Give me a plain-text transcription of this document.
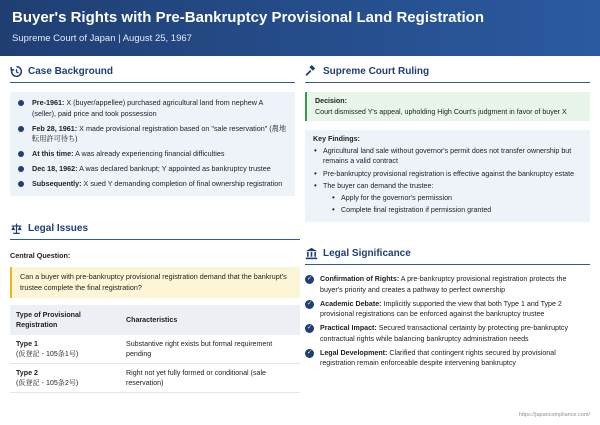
Buyer's Rights with Pre-Bankruptcy Provisional Land Registration
Supreme Court of Japan | August 25, 1967
Case Background
Pre-1961: X (buyer/appellee) purchased agricultural land from nephew A (seller), paid price and took possession
Feb 28, 1961: X made provisional registration based on "sale reservation" (農地転用許可待ち)
At this time: A was already experiencing financial difficulties
Dec 18, 1962: A was declared bankrupt; Y appointed as bankruptcy trustee
Subsequently: X sued Y demanding completion of final ownership registration
Legal Issues
Central Question:
Can a buyer with pre-bankruptcy provisional registration demand that the bankrupt's trustee complete the final registration?
Type of Provisional Registration	Characteristics

Type 1
(仮登記 - 105条1号)	Substantive right exists but formal requirement pending

Type 2
(仮登記 - 105条2号)	Right not yet fully formed or conditional (sale reservation)
Supreme Court Ruling
Decision:
Court dismissed Y's appeal, upholding High Court's judgment in favor of buyer X
Key Findings:
• Agricultural land sale without governor's permit does not transfer ownership but remains a valid contract
• Pre-bankruptcy provisional registration is effective against the bankruptcy estate
• The buyer can demand the trustee:
• Apply for the governor's permission
• Complete final registration if permission granted
Legal Significance
✓ Confirmation of Rights: A pre-bankruptcy provisional registration protects the buyer's priority and creates a pathway to perfect ownership
✓ Academic Debate: Implicitly supported the view that both Type 1 and Type 2 provisional registrations can be enforced against the bankruptcy trustee
✓ Practical Impact: Secured transactional certainty by protecting pre-bankruptcy contractual rights while balancing bankruptcy administration needs
✓ Legal Development: Clarified that contingent rights secured by provisional registration remain enforceable despite intervening bankruptcy
https://japancompliance.com/
